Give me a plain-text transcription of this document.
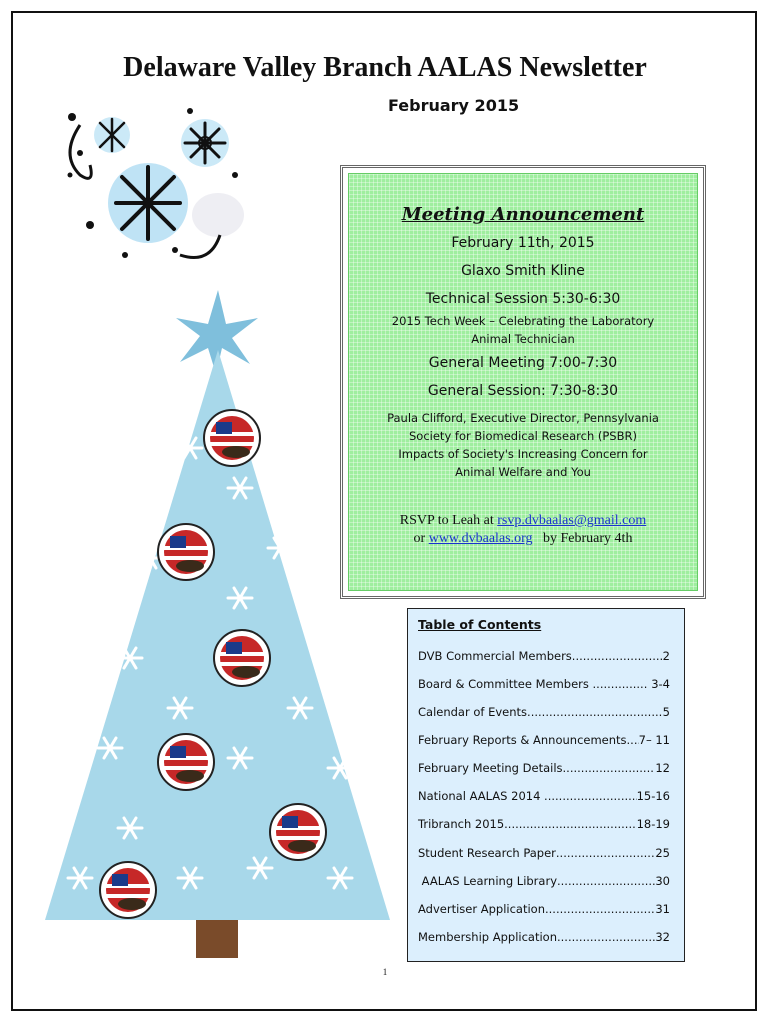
Delaware Valley Branch AALAS Newsletter
February 2015
Meeting Announcement
February 11th, 2015
Glaxo Smith Kline
Technical Session 5:30-6:30
2015 Tech Week – Celebrating the Laboratory
Animal Technician
General Meeting 7:00-7:30
General Session: 7:30-8:30
Paula Clifford, Executive Director, Pennsylvania
Society for Biomedical Research (PSBR)
Impacts of Society's Increasing Concern for
Animal Welfare and You
RSVP to Leah at rsvp.dvbaalas@gmail.com
or www.dvbaalas.org   by February 4th
Table of Contents
DVB Commercial Members .....	2
Board & Committee Members .....	3-4
Calendar of Events .....	5
February Reports & Announcements ..... 7– 11
February Meeting Details .....	12
National AALAS 2014 .....	15-16
Tribranch 2015 .....	18-19
Student Research Paper .....	25
AALAS Learning Library .....	30
Advertiser Application .....	31
Membership Application .....	32
1
